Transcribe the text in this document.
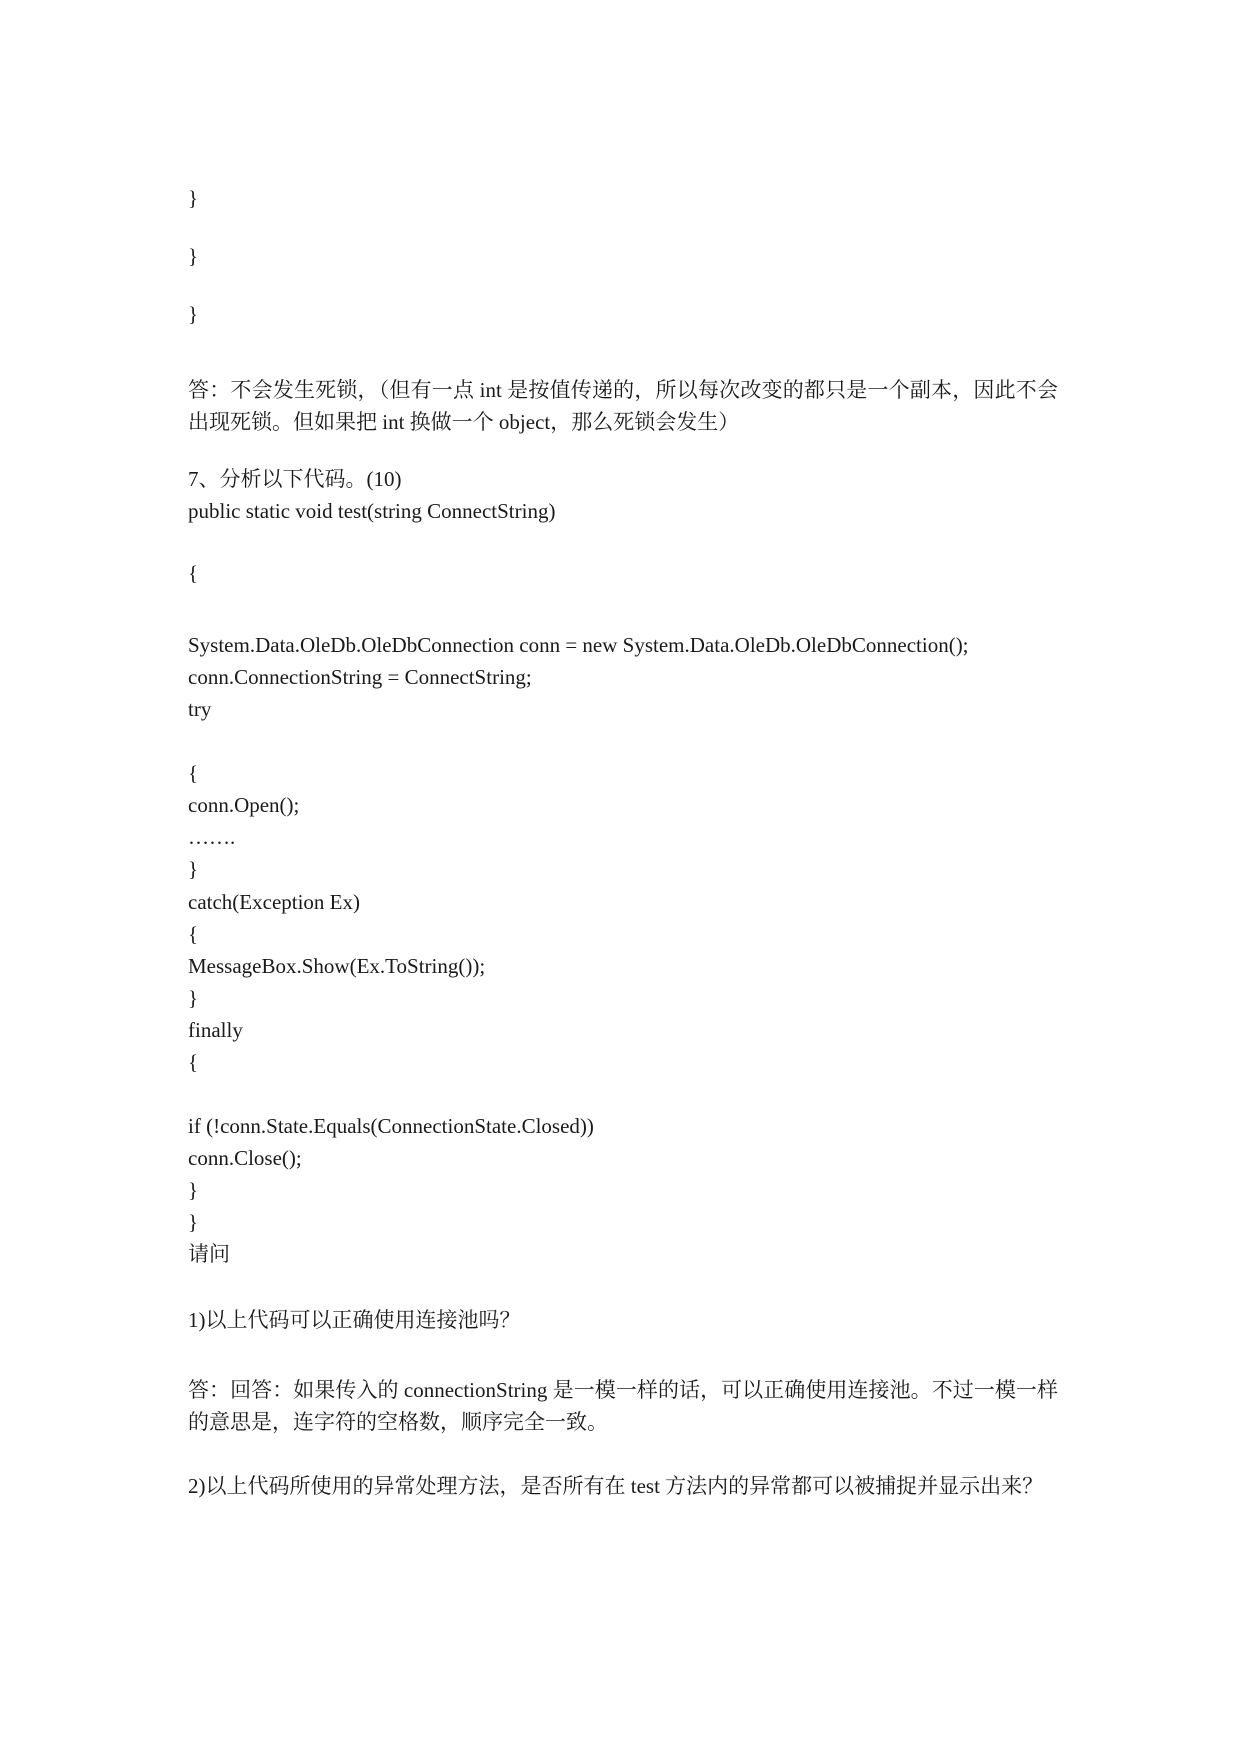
}
}
}
答：不会发生死锁，（但有一点 int 是按值传递的，所以每次改变的都只是一个副本，因此不会出现死锁。但如果把 int 换做一个 object，那么死锁会发生）
7、分析以下代码。(10)
public static void test(string ConnectString)
{
System.Data.OleDb.OleDbConnection conn = new System.Data.OleDb.OleDbConnection();
conn.ConnectionString = ConnectString;
try
{
conn.Open();
…….
}
catch(Exception Ex)
{
MessageBox.Show(Ex.ToString());
}
finally
{
if (!conn.State.Equals(ConnectionState.Closed))
conn.Close();
}
}
请问
1)以上代码可以正确使用连接池吗？
答：回答：如果传入的 connectionString 是一模一样的话，可以正确使用连接池。不过一模一样的意思是，连字符的空格数，顺序完全一致。
2)以上代码所使用的异常处理方法，是否所有在 test 方法内的异常都可以被捕捉并显示出来？
